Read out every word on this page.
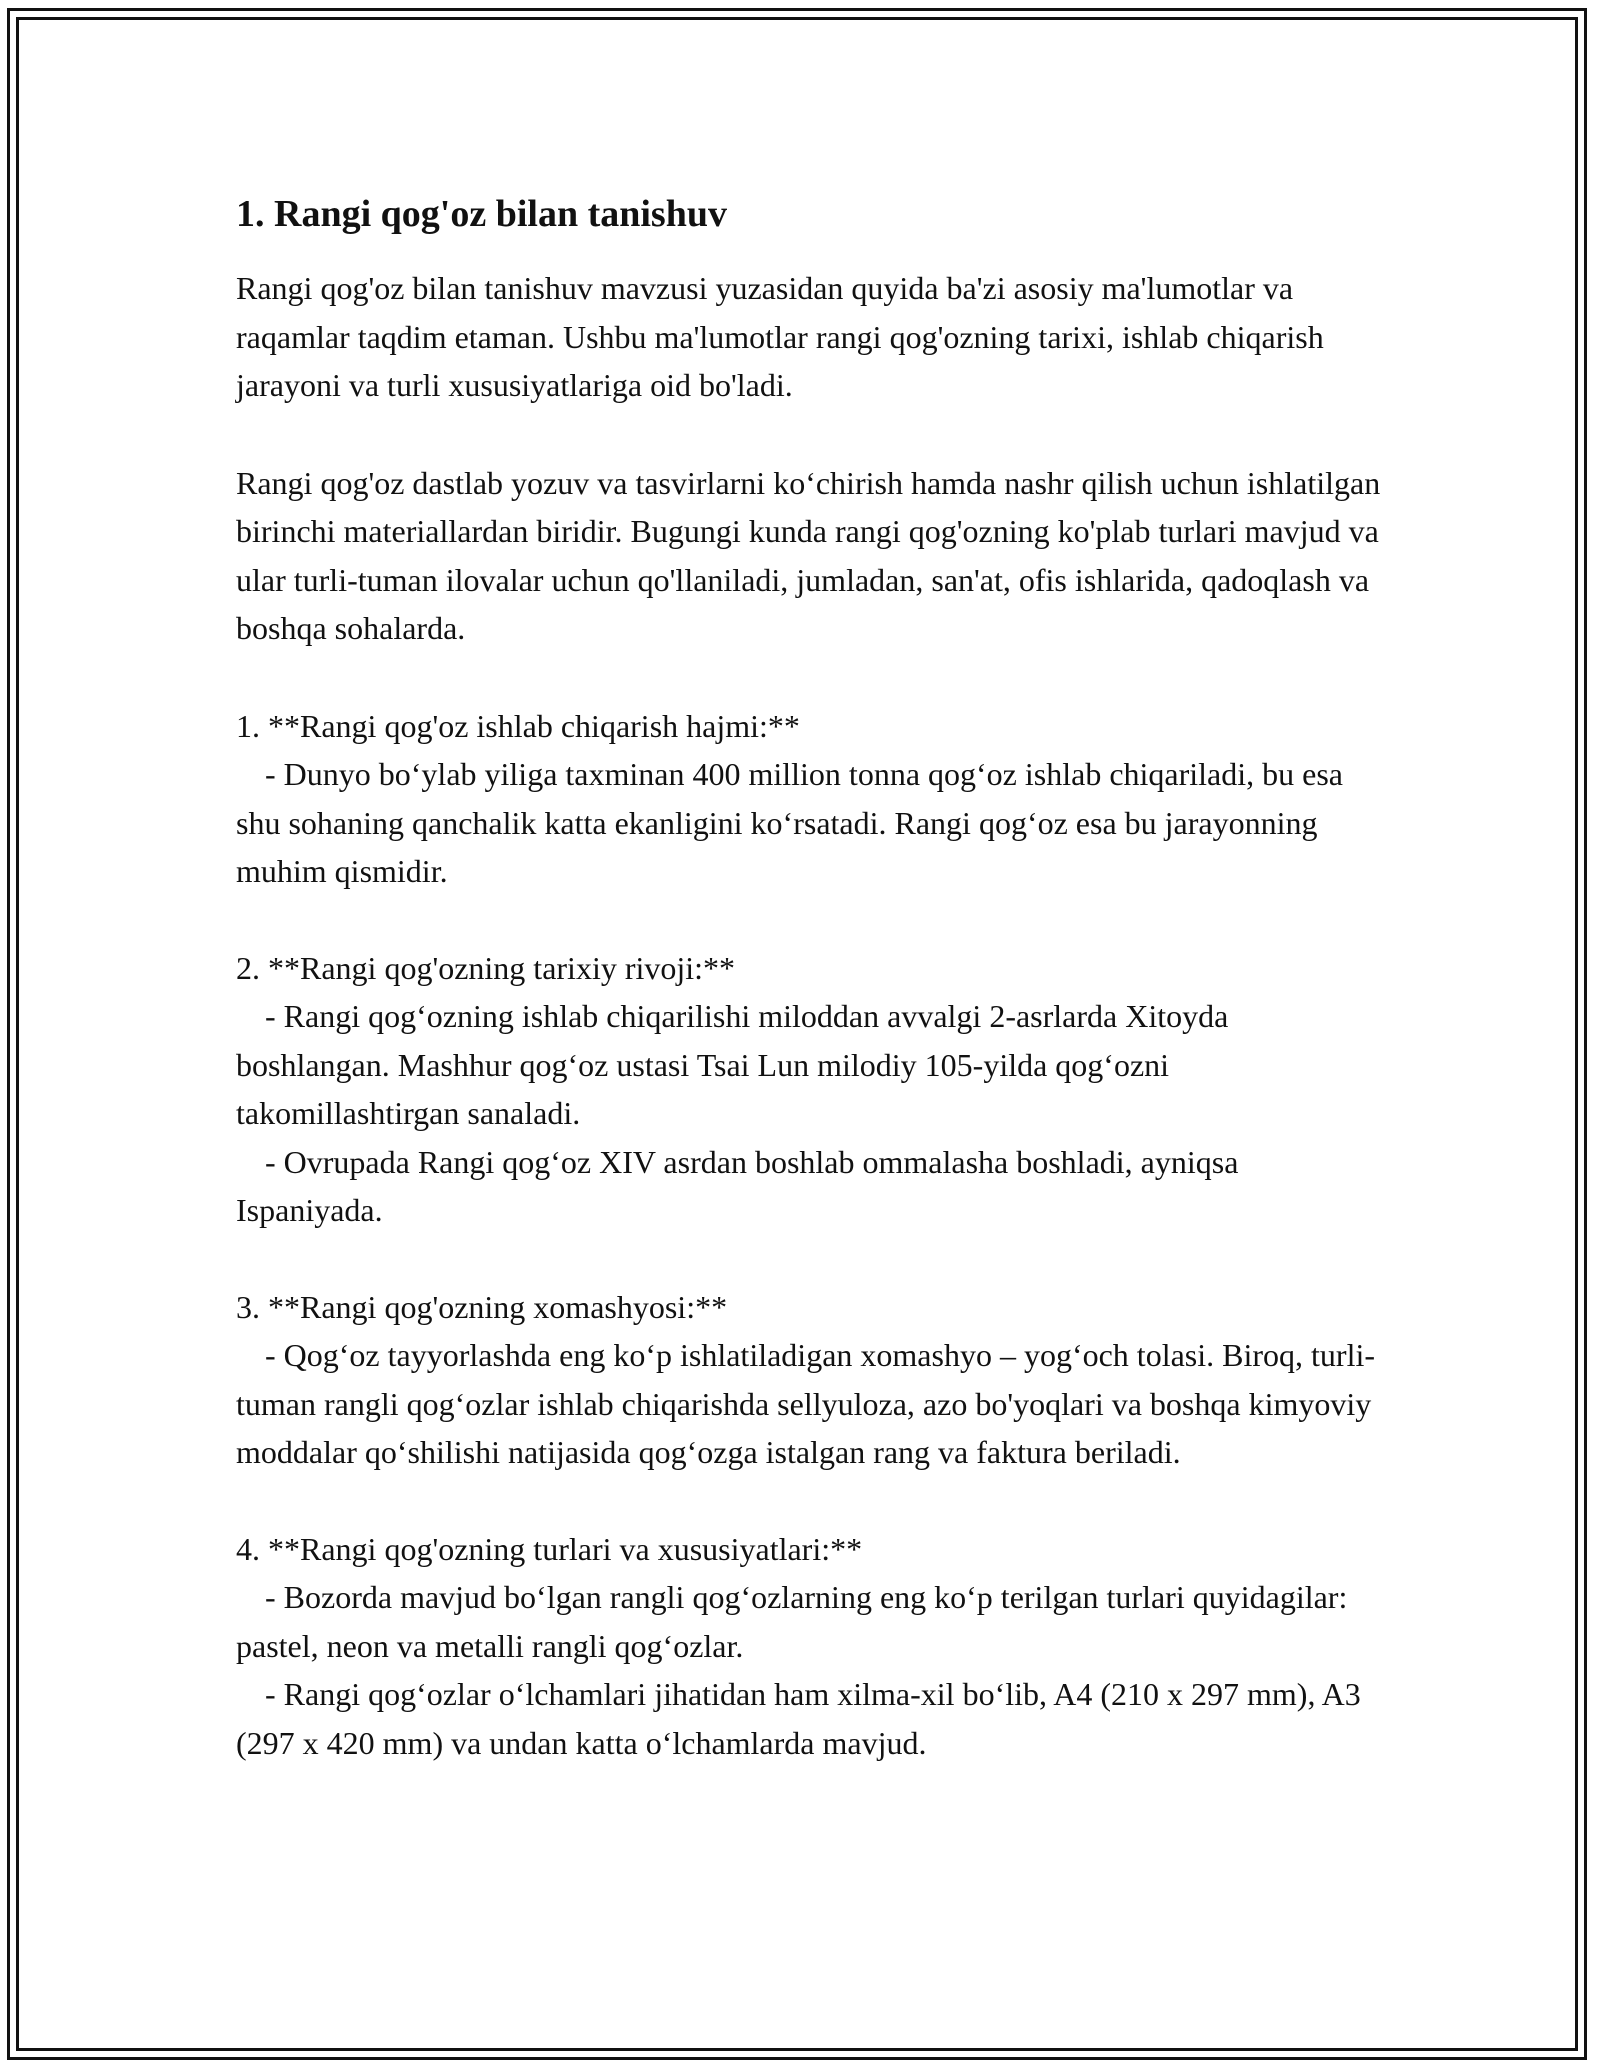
1. Rangi qog'oz bilan tanishuv

Rangi qog'oz bilan tanishuv mavzusi yuzasidan quyida ba'zi asosiy ma'lumotlar va raqamlar taqdim etaman. Ushbu ma'lumotlar rangi qog'ozning tarixi, ishlab chiqarish jarayoni va turli xususiyatlariga oid bo'ladi.

Rangi qog'oz dastlab yozuv va tasvirlarni ko‘chirish hamda nashr qilish uchun ishlatilgan birinchi materiallardan biridir. Bugungi kunda rangi qog'ozning ko'plab turlari mavjud va ular turli-tuman ilovalar uchun qo'llaniladi, jumladan, san'at, ofis ishlarida, qadoqlash va boshqa sohalarda.

1. **Rangi qog'oz ishlab chiqarish hajmi:**
- Dunyo bo‘ylab yiliga taxminan 400 million tonna qog‘oz ishlab chiqariladi, bu esa shu sohaning qanchalik katta ekanligini ko‘rsatadi. Rangi qog‘oz esa bu jarayonning muhim qismidir.
2. **Rangi qog'ozning tarixiy rivoji:**
- Rangi qog‘ozning ishlab chiqarilishi miloddan avvalgi 2-asrlarda Xitoyda boshlangan. Mashhur qog‘oz ustasi Tsai Lun milodiy 105-yilda qog‘ozni takomillashtirgan sanaladi.
- Ovrupada Rangi qog‘oz XIV asrdan boshlab ommalasha boshladi, ayniqsa Ispaniyada.
3. **Rangi qog'ozning xomashyosi:**
- Qog‘oz tayyorlashda eng ko‘p ishlatiladigan xomashyo – yog‘och tolasi. Biroq, turli-tuman rangli qog‘ozlar ishlab chiqarishda sellyuloza, azo bo'yoqlari va boshqa kimyoviy moddalar qo‘shilishi natijasida qog‘ozga istalgan rang va faktura beriladi.
4. **Rangi qog'ozning turlari va xususiyatlari:**
- Bozorda mavjud bo‘lgan rangli qog‘ozlarning eng ko‘p terilgan turlari quyidagilar: pastel, neon va metalli rangli qog‘ozlar.
- Rangi qog‘ozlar o‘lchamlari jihatidan ham xilma-xil bo‘lib, A4 (210 x 297 mm), A3 (297 x 420 mm) va undan katta o‘lchamlarda mavjud.
